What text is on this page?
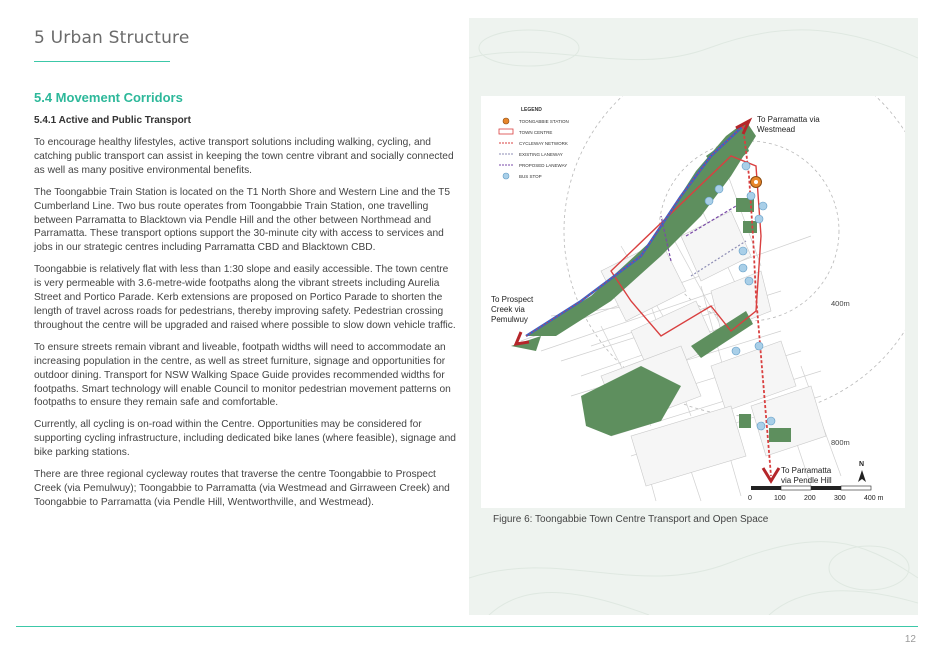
5 Urban Structure
5.4 Movement Corridors
5.4.1 Active and Public Transport

To encourage healthy lifestyles, active transport solutions including walking, cycling, and catching public transport can assist in keeping the town centre vibrant and socially connected as well as many positive environmental benefits.

The Toongabbie Train Station is located on the T1 North Shore and Western Line and the T5 Cumberland Line. Two bus route operates from Toongabbie Train Station, one travelling between Parramatta to Blacktown via Pendle Hill and the other between Northmead and Parramatta. These transport options support the 30-minute city with access to services and jobs in our strategic centres including Parramatta CBD and Blacktown CBD.

Toongabbie is relatively flat with less than 1:30 slope and easily accessible. The town centre is very permeable with 3.6-metre-wide footpaths along the vibrant streets including Aurelia Street and Portico Parade. Kerb extensions are proposed on Portico Parade to shorten the length of travel across roads for pedestrians, thereby improving safety. Pedestrian crossing throughout the centre will be upgraded and raised where possible to slow down vehicle traffic.

To ensure streets remain vibrant and liveable, footpath widths will need to accommodate an increasing population in the centre, as well as street furniture, signage and opportunities for outdoor dining. Transport for NSW Walking Space Guide provides recommended widths for footpaths. Smart technology will enable Council to monitor pedestrian movement patterns on footpaths to ensure they remain safe and comfortable.

Currently, all cycling is on-road within the Centre. Opportunities may be considered for supporting cycling infrastructure, including dedicated bike lanes (where feasible), signage and bike parking stations.

There are three regional cycleway routes that traverse the centre Toongabbie to Prospect Creek (via Pemulwuy); Toongabbie to Parramatta (via Westmead and Girraween Creek) and Toongabbie to Parramatta (via Pendle Hill, Wentworthville, and Westmead).

LEGEND
TOONGABBIE STATION
TOWN CENTRE
CYCLEWAY NETWORK
EXISTING LANEWAY
PROPOSED LANEWAY
BUS STOP
To Parramatta via
Westmead
To Prospect
Creek via
Pemulwuy
To Parramatta
via Pendle Hill
400m
800m
N
0	100	200	300	400 m
Figure 6: Toongabbie Town Centre Transport and Open Space
12
